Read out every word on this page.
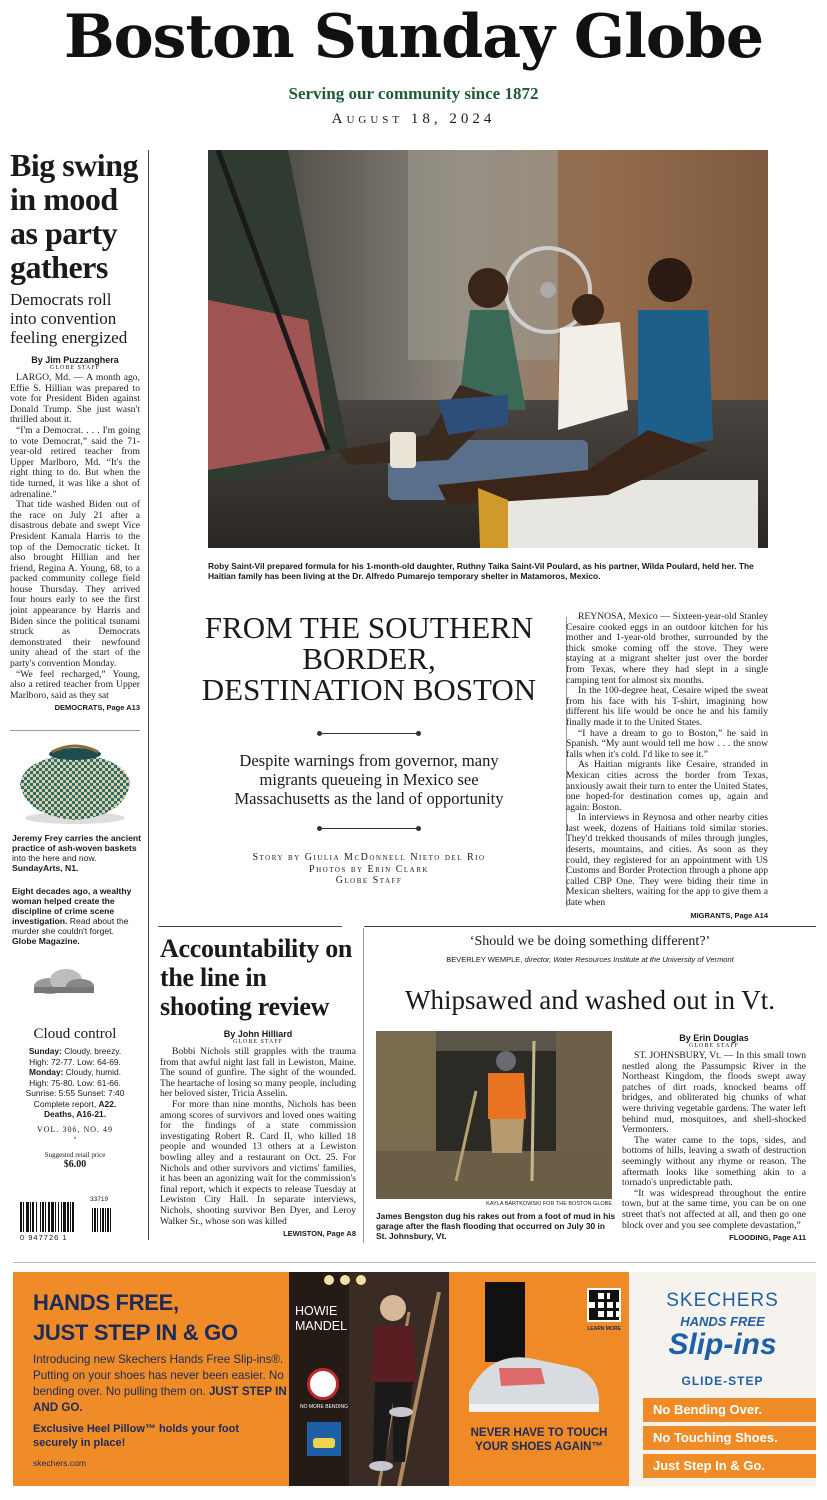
Boston Sunday Globe
Serving our community since 1872
August 18, 2024
Big swing in mood as party gathers
Democrats roll into convention feeling energized
By Jim Puzzanghera
GLOBE STAFF

LARGO, Md. — A month ago, Effie S. Hillian was prepared to vote for President Biden against Donald Trump. She just wasn't thrilled about it.

“I'm a Democrat. . . . I'm going to vote Democrat,” said the 71-year-old retired teacher from Upper Marlboro, Md. “It's the right thing to do. But when the tide turned, it was like a shot of adrenaline.”

That tide washed Biden out of the race on July 21 after a disastrous debate and swept Vice President Kamala Harris to the top of the Democratic ticket. It also brought Hillian and her friend, Regina A. Young, 68, to a packed community college field house Thursday. They arrived four hours early to see the first joint appearance by Harris and Biden since the political tsunami struck as Democrats demonstrated their newfound unity ahead of the start of the party's convention Monday.

“We feel recharged,” Young, also a retired teacher from Upper Marlboro, said as they sat

DEMOCRATS, Page A13
Jeremy Frey carries the ancient practice of ash-woven baskets into the here and now.
SundayArts, N1.
Eight decades ago, a wealthy woman helped create the discipline of crime scene investigation. Read about the murder she couldn't forget.
Globe Magazine.
Cloud control
Sunday: Cloudy, breezy.
High: 72-77. Low: 64-69.
Monday: Cloudy, humid.
High: 75-80. Low: 61-66.
Sunrise: 5:55 Sunset: 7:40
Complete report, A22.
Deaths, A16-21.
VOL. 306, NO. 49
*
Suggested retail price
$6.00
0 947726 1
33719
Roby Saint-Vil prepared formula for his 1-month-old daughter, Ruthny Taika Saint-Vil Poulard, as his partner, Wilda Poulard, held her. The Haitian family has been living at the Dr. Alfredo Pumarejo temporary shelter in Matamoros, Mexico.
FROM THE SOUTHERN BORDER, DESTINATION BOSTON
Despite warnings from governor, many migrants queueing in Mexico see Massachusetts as the land of opportunity
Story by Giulia McDonnell Nieto del Rio
Photos by Erin Clark
Globe Staff

REYNOSA, Mexico — Sixteen-year-old Stanley Cesaire cooked eggs in an outdoor kitchen for his mother and 1-year-old brother, surrounded by the thick smoke coming off the stove. They were staying at a migrant shelter just over the border from Texas, where they had slept in a single camping tent for almost six months.

In the 100-degree heat, Cesaire wiped the sweat from his face with his T-shirt, imagining how different his life would be once he and his family finally made it to the United States.

“I have a dream to go to Boston,” he said in Spanish. “My aunt would tell me how . . . the snow falls when it's cold. I'd like to see it.”

As Haitian migrants like Cesaire, stranded in Mexican cities across the border from Texas, anxiously await their turn to enter the United States, one hoped-for destination comes up, again and again: Boston.

In interviews in Reynosa and other nearby cities last week, dozens of Haitians told similar stories. They'd trekked thousands of miles through jungles, deserts, mountains, and cities. As soon as they could, they registered for an appointment with US Customs and Border Protection through a phone app called CBP One. They were biding their time in Mexican shelters, waiting for the app to give them a date when

MIGRANTS, Page A14
Accountability on the line in shooting review
By John Hilliard
GLOBE STAFF

Bobbi Nichols still grapples with the trauma from that awful night last fall in Lewiston, Maine. The sound of gunfire. The sight of the wounded. The heartache of losing so many people, including her beloved sister, Tricia Asselin.

For more than nine months, Nichols has been among scores of survivors and loved ones waiting for the findings of a state commission investigating Robert R. Card II, who killed 18 people and wounded 13 others at a Lewiston bowling alley and a restaurant on Oct. 25. For Nichols and other survivors and victims' families, it has been an agonizing wait for the commission's final report, which it expects to release Tuesday at Lewiston City Hall. In separate interviews, Nichols, shooting survivor Ben Dyer, and Leroy Walker Sr., whose son was killed

LEWISTON, Page A8
‘Should we be doing something different?’
BEVERLEY WEMPLE, director, Water Resources Institute at the University of Vermont
Whipsawed and washed out in Vt.
KAYLA BARTKOWSKI FOR THE BOSTON GLOBE
James Bengston dug his rakes out from a foot of mud in his garage after the flash flooding that occurred on July 30 in St. Johnsbury, Vt.
By Erin Douglas
GLOBE STAFF

ST. JOHNSBURY, Vt. — In this small town nestled along the Passumpsic River in the Northeast Kingdom, the floods swept away patches of dirt roads, knocked beams off bridges, and obliterated big chunks of what were thriving vegetable gardens. The water left behind mud, mosquitoes, and shell-shocked Vermonters.

The water came to the tops, sides, and bottoms of hills, leaving a swath of destruction seemingly without any rhyme or reason. The aftermath looks like something akin to a tornado's unpredictable path.

“It was widespread throughout the entire town, but at the same time, you can be on one street that's not affected at all, and then go one block over and you see complete devastation,”

FLOODING, Page A11
HANDS FREE,
JUST STEP IN & GO
Introducing new Skechers Hands Free Slip-ins®. Putting on your shoes has never been easier. No bending over. No pulling them on. JUST STEP IN AND GO.
Exclusive Heel Pillow™ holds your foot securely in place!
skechers.com
HOWIE
MANDEL
NO MORE BENDING
LEARN MORE
NEVER HAVE TO TOUCH YOUR SHOES AGAIN™
SKECHERS
HANDS FREE
Slip-ins
GLIDE-STEP
No Bending Over.
No Touching Shoes.
Just Step In & Go.
